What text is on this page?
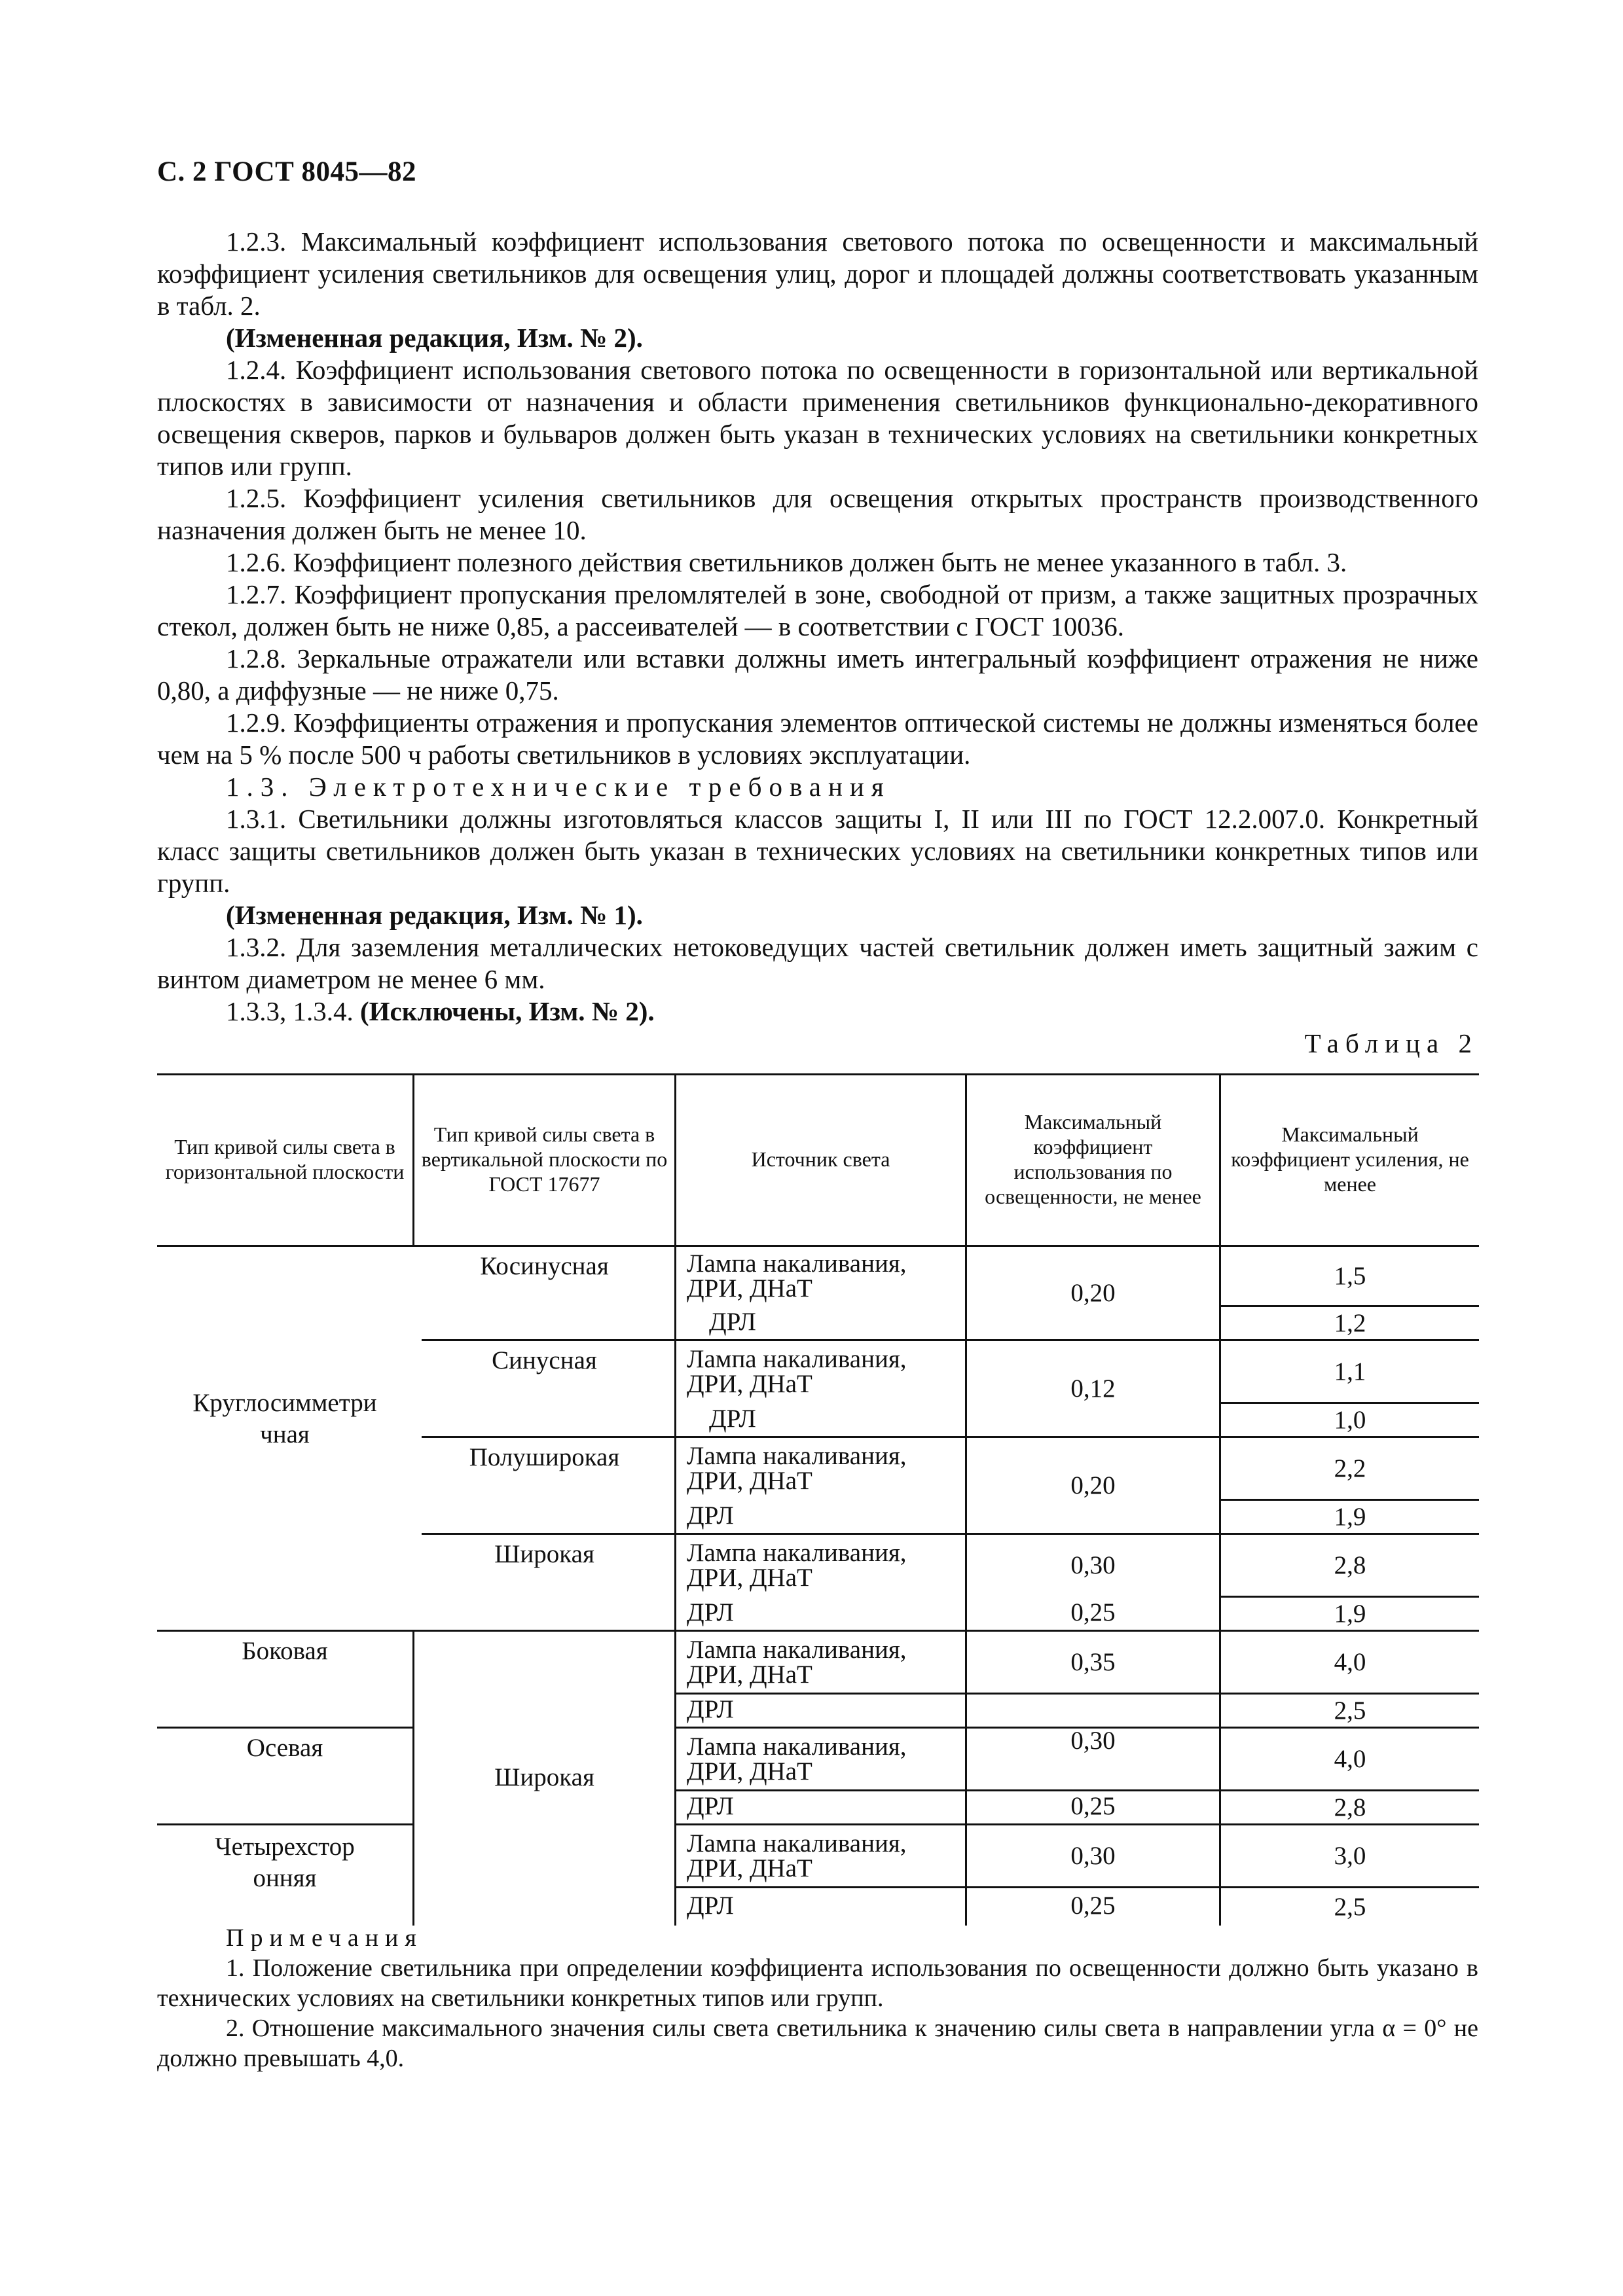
С. 2 ГОСТ 8045—82

1.2.3. Максимальный коэффициент использования светового потока по освещенности и максимальный коэффициент усиления светильников для освещения улиц, дорог и площадей должны соответствовать указанным в табл. 2.

(Измененная редакция, Изм. № 2).

1.2.4. Коэффициент использования светового потока по освещенности в горизонтальной или вертикальной плоскостях в зависимости от назначения и области применения светильников функционально-декоративного освещения скверов, парков и бульваров должен быть указан в технических условиях на светильники конкретных типов или групп.

1.2.5. Коэффициент усиления светильников для освещения открытых пространств производственного назначения должен быть не менее 10.

1.2.6. Коэффициент полезного действия светильников должен быть не менее указанного в табл. 3.

1.2.7. Коэффициент пропускания преломлятелей в зоне, свободной от призм, а также защитных прозрачных стекол, должен быть не ниже 0,85, а рассеивателей — в соответствии с ГОСТ 10036.

1.2.8. Зеркальные отражатели или вставки должны иметь интегральный коэффициент отражения не ниже 0,80, а диффузные — не ниже 0,75.

1.2.9. Коэффициенты отражения и пропускания элементов оптической системы не должны изменяться более чем на 5 % после 500 ч работы светильников в условиях эксплуатации.

1.3. Электротехнические требования

1.3.1. Светильники должны изготовляться классов защиты I, II или III по ГОСТ 12.2.007.0. Конкретный класс защиты светильников должен быть указан в технических условиях на светильники конкретных типов или групп.

(Измененная редакция, Изм. № 1).

1.3.2. Для заземления металлических нетоковедущих частей светильник должен иметь защитный зажим с винтом диаметром не менее 6 мм.

1.3.3, 1.3.4. (Исключены, Изм. № 2).

Таблица 2
Тип кривой силы света в горизонтальной плоскости
Тип кривой силы света в вертикальной плоскости по ГОСТ 17677
Источник света
Максимальный коэффициент использования по освещенности, не менее
Максимальный коэффициент усиления, не менее
Круглосимметричная
Боковая
Осевая
Четырехсторонняя
Косинусная
Синусная
Полуширокая
Широкая
Широкая
Лампа накаливания, ДРИ, ДНаТ
ДРЛ
Лампа накаливания, ДРИ, ДНаТ
ДРЛ
Лампа накаливания, ДРИ, ДНаТ
ДРЛ
Лампа накаливания, ДРИ, ДНаТ
ДРЛ
Лампа накаливания, ДРИ, ДНаТ
ДРЛ
Лампа накаливания, ДРИ, ДНаТ
ДРЛ
Лампа накаливания, ДРИ, ДНаТ
ДРЛ
0,20
0,12
0,20
0,30
0,25
0,35
0,30
0,25
0,30
0,25
1,5
1,2
1,1
1,0
2,2
1,9
2,8
1,9
4,0
2,5
4,0
2,8
3,0
2,5

Примечания

1. Положение светильника при определении коэффициента использования по освещенности должно быть указано в технических условиях на светильники конкретных типов или групп.

2. Отношение максимального значения силы света светильника к значению силы света в направлении угла α = 0° не должно превышать 4,0.
